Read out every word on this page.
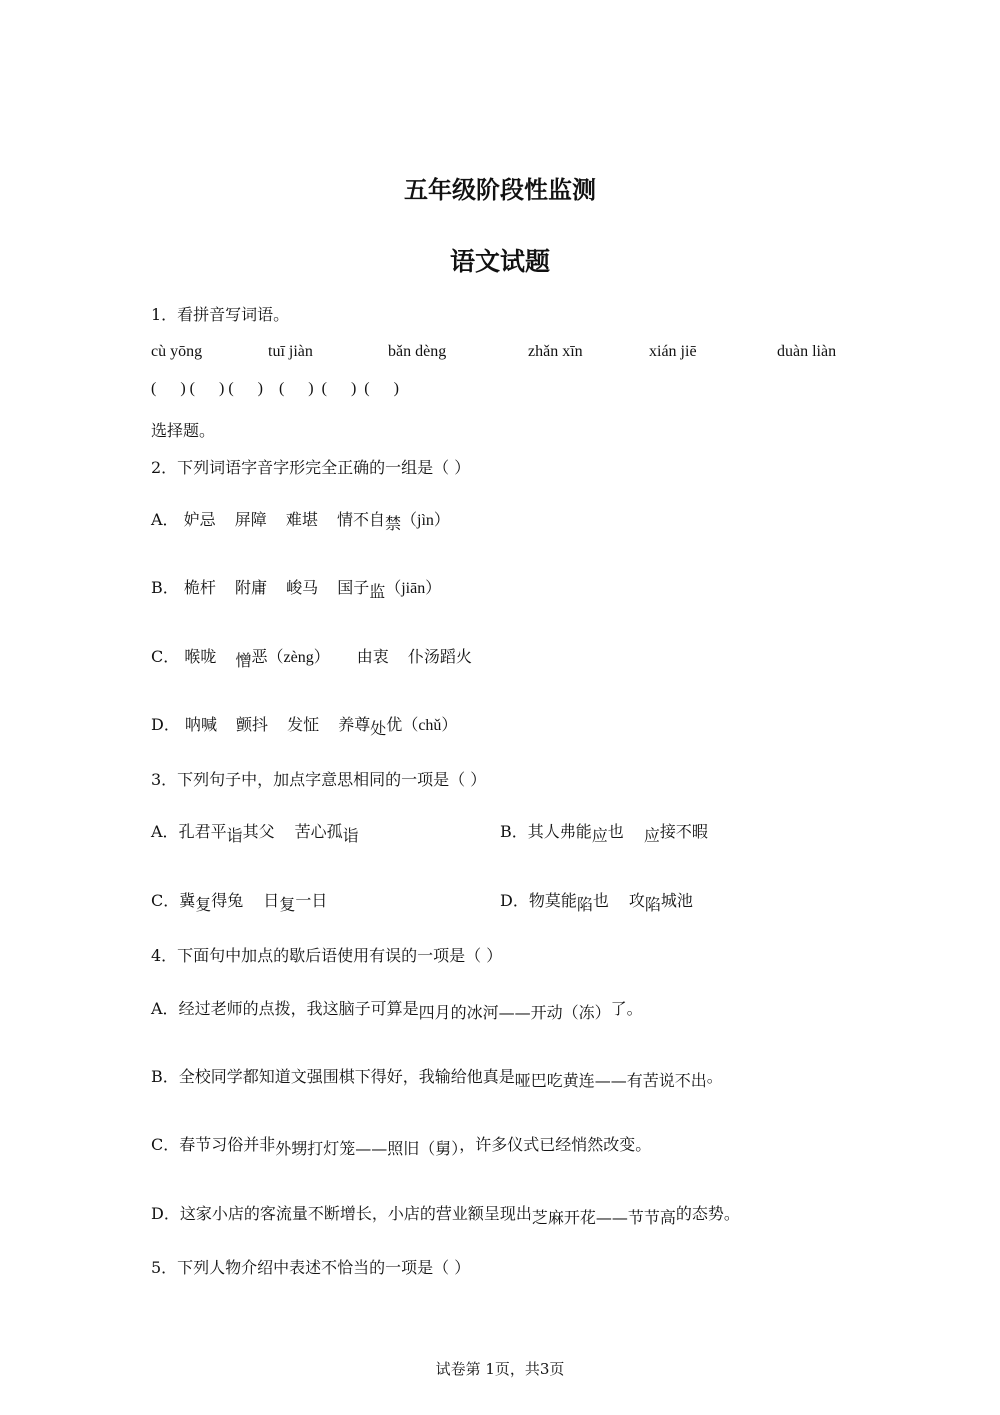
五年级阶段性监测
语文试题
1．看拼音写词语。
cù yōng	tuī jiàn	bǎn dèng	zhǎn xīn	xián jiē	duàn liàn
(      ) (      ) (      )    (      )  (      )  (      )
选择题。
2．下列词语字音字形完全正确的一组是（ ）
A． 妒忌 屏障 难堪 情不自禁（jìn）
B． 桅杆 附庸 峻马 国子监（jiān）
C． 喉咙 憎恶（zèng） 由衷 仆汤蹈火
D． 呐喊 颤抖 发怔 养尊处优（chǔ）
3．下列句子中，加点字意思相同的一项是（ ）
A．孔君平诣其父 苦心孤诣	B．其人弗能应也 应接不暇
C．冀复得兔 日复一日	D．物莫能陷也 攻陷城池
4．下面句中加点的歇后语使用有误的一项是（ ）
A．经过老师的点拨，我这脑子可算是四月的冰河——开动（冻）了。
B．全校同学都知道文强围棋下得好，我输给他真是哑巴吃黄连——有苦说不出。
C．春节习俗并非外甥打灯笼——照旧（舅），许多仪式已经悄然改变。
D．这家小店的客流量不断增长，小店的营业额呈现出芝麻开花——节节高的态势。
5．下列人物介绍中表述不恰当的一项是（ ）
试卷第 1页，共3页
